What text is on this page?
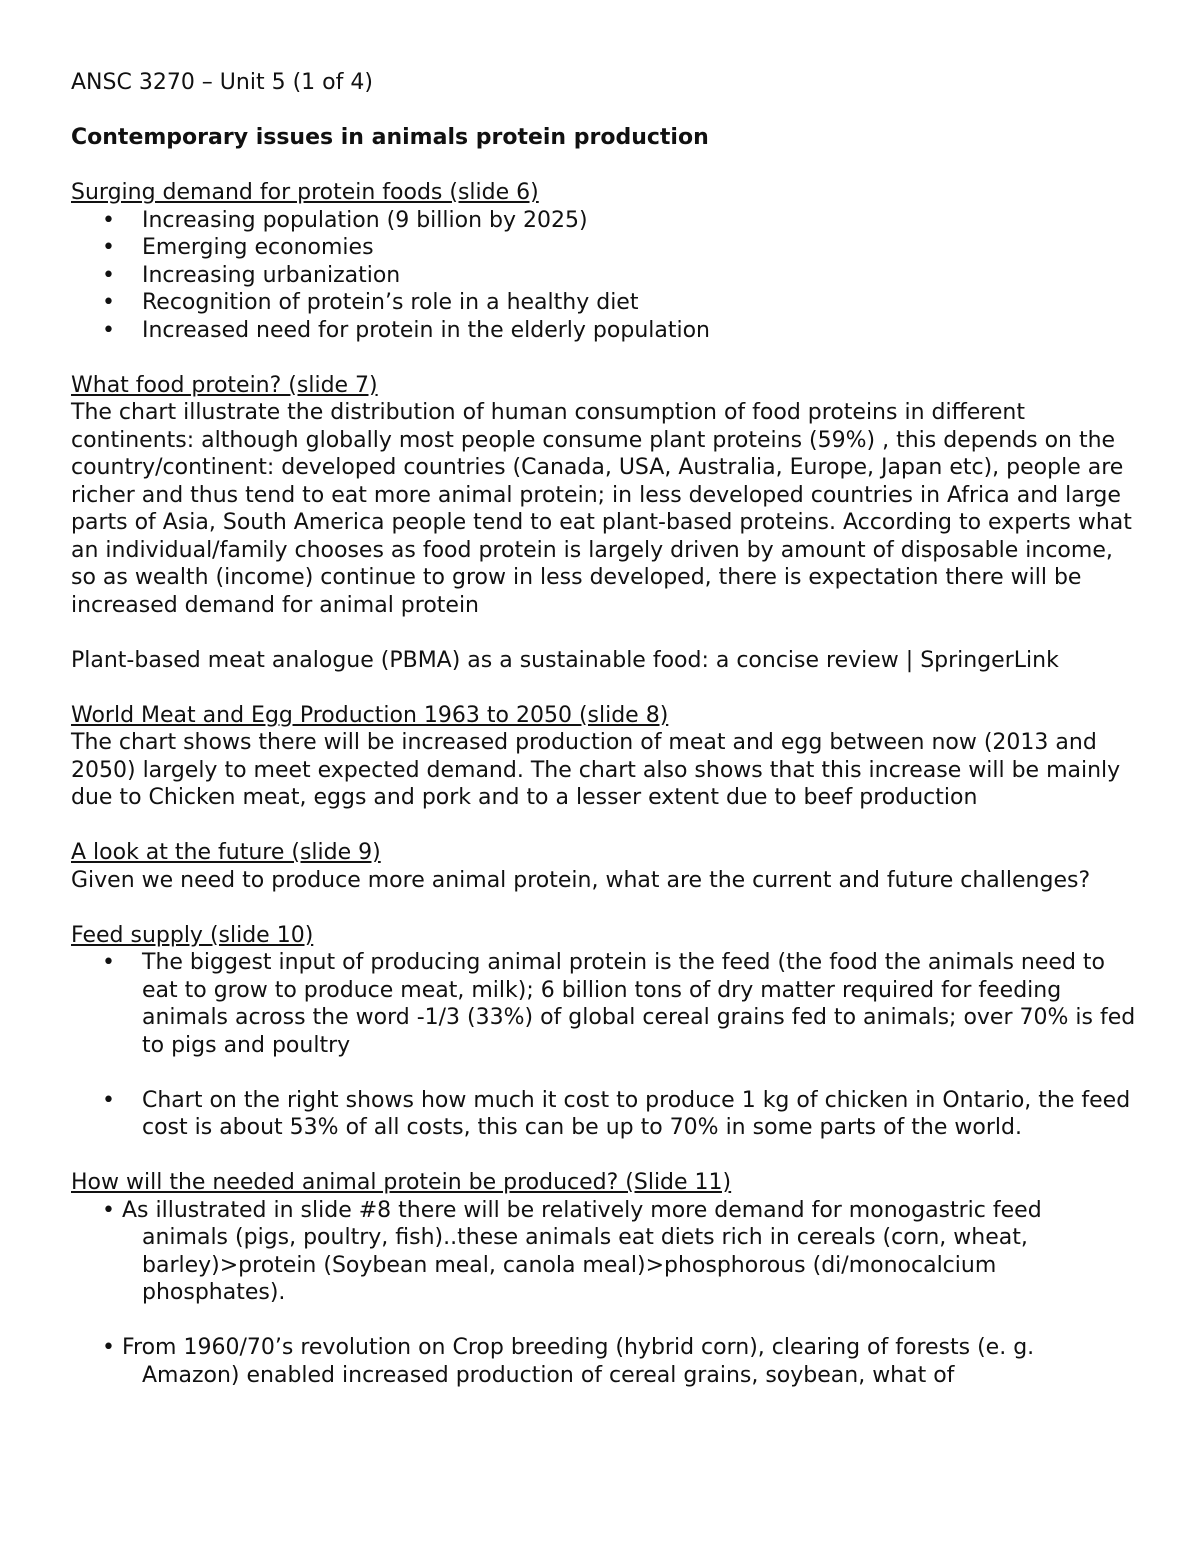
ANSC 3270 – Unit 5 (1 of 4)

Contemporary issues in animals protein production

Surging demand for protein foods (slide 6)

• Increasing population (9 billion by 2025)
• Emerging economies
• Increasing urbanization
• Recognition of protein’s role in a healthy diet
• Increased need for protein in the elderly population

What food protein? (slide 7)

The chart illustrate the distribution of human consumption of food proteins in different continents: although globally most people consume plant proteins (59%) , this depends on the country/continent: developed countries (Canada, USA, Australia, Europe, Japan etc), people are richer and thus tend to eat more animal protein; in less developed countries in Africa and large parts of Asia, South America people tend to eat plant-based proteins. According to experts what an individual/family chooses as food protein is largely driven by amount of disposable income, so as wealth (income) continue to grow in less developed, there is expectation there will be increased demand for animal protein

Plant-based meat analogue (PBMA) as a sustainable food: a concise review | SpringerLink

World Meat and Egg Production 1963 to 2050 (slide 8)

The chart shows there will be increased production of meat and egg between now (2013 and 2050) largely to meet expected demand. The chart also shows that this increase will be mainly due to Chicken meat, eggs and pork and to a lesser extent due to beef production

A look at the future (slide 9)

Given we need to produce more animal protein, what are the current and future challenges?

Feed supply (slide 10)

• The biggest input of producing animal protein is the feed (the food the animals need to eat to grow to produce meat, milk); 6 billion tons of dry matter required for feeding animals across the word -1/3 (33%) of global cereal grains fed to animals; over 70% is fed to pigs and poultry
• Chart on the right shows how much it cost to produce 1 kg of chicken in Ontario, the feed cost is about 53% of all costs, this can be up to 70% in some parts of the world.

How will the needed animal protein be produced? (Slide 11)

• As illustrated in slide #8 there will be relatively more demand for monogastric feed

animals (pigs, poultry, fish)..these animals eat diets rich in cereals (corn, wheat, barley)>protein (Soybean meal, canola meal)>phosphorous (di/monocalcium phosphates).
• From 1960/70’s revolution on Crop breeding (hybrid corn), clearing of forests (e. g.

Amazon) enabled increased production of cereal grains, soybean, what of
